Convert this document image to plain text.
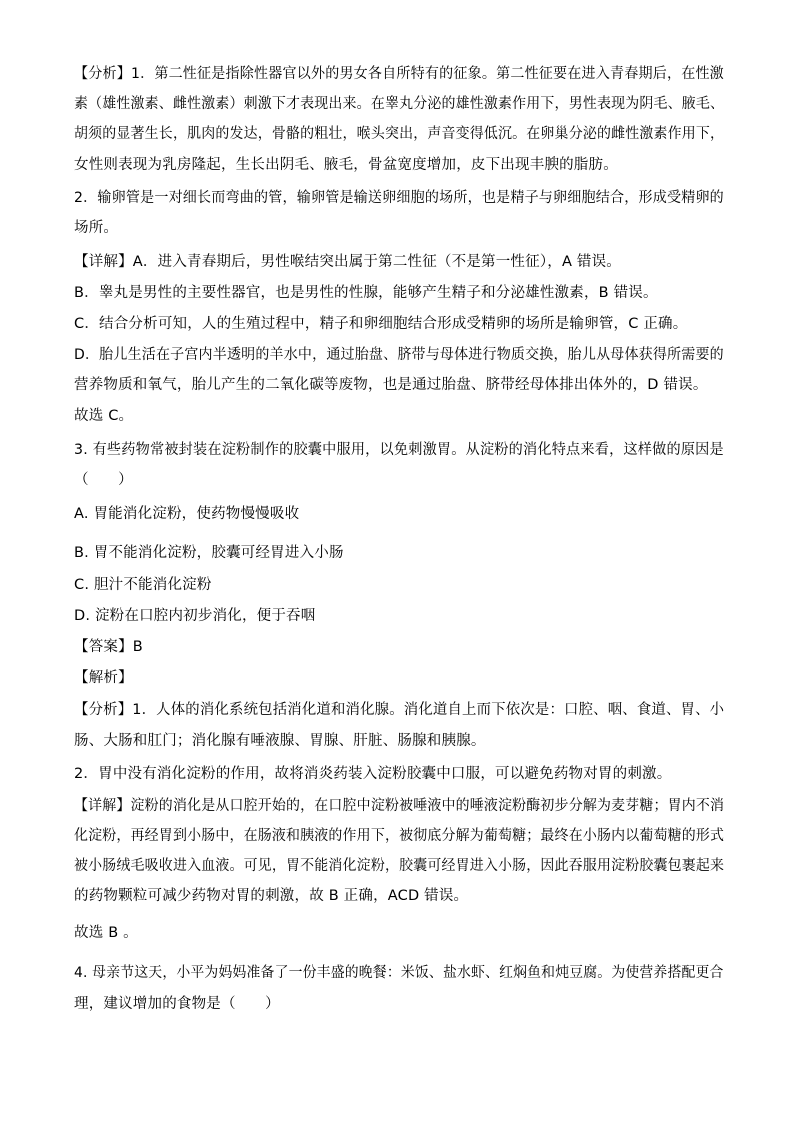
【分析】1．第二性征是指除性器官以外的男女各自所特有的征象。第二性征要在进入青春期后，在性激
素（雄性激素、雌性激素）刺激下才表现出来。在睾丸分泌的雄性激素作用下，男性表现为阴毛、腋毛、
胡须的显著生长，肌肉的发达，骨骼的粗壮，喉头突出，声音变得低沉。在卵巢分泌的雌性激素作用下，
女性则表现为乳房隆起，生长出阴毛、腋毛，骨盆宽度增加，皮下出现丰腴的脂肪。
2．输卵管是一对细长而弯曲的管，输卵管是输送卵细胞的场所，也是精子与卵细胞结合，形成受精卵的
场所。
【详解】A．进入青春期后，男性喉结突出属于第二性征（不是第一性征），A 错误。
B．睾丸是男性的主要性器官，也是男性的性腺，能够产生精子和分泌雄性激素，B 错误。
C．结合分析可知，人的生殖过程中，精子和卵细胞结合形成受精卵的场所是输卵管，C 正确。
D．胎儿生活在子宫内半透明的羊水中，通过胎盘、脐带与母体进行物质交换，胎儿从母体获得所需要的
营养物质和氧气，胎儿产生的二氧化碳等废物，也是通过胎盘、脐带经母体排出体外的，D 错误。
故选 C。
3. 有些药物常被封装在淀粉制作的胶囊中服用，以免刺激胃。从淀粉的消化特点来看，这样做的原因是
（　　）
A. 胃能消化淀粉，使药物慢慢吸收
B. 胃不能消化淀粉，胶囊可经胃进入小肠
C. 胆汁不能消化淀粉
D. 淀粉在口腔内初步消化，便于吞咽
【答案】B
【解析】
【分析】1．人体的消化系统包括消化道和消化腺。消化道自上而下依次是：口腔、咽、食道、胃、小
肠、大肠和肛门；消化腺有唾液腺、胃腺、肝脏、肠腺和胰腺。
2．胃中没有消化淀粉的作用，故将消炎药装入淀粉胶囊中口服，可以避免药物对胃的刺激。
【详解】淀粉的消化是从口腔开始的，在口腔中淀粉被唾液中的唾液淀粉酶初步分解为麦芽糖；胃内不消
化淀粉，再经胃到小肠中，在肠液和胰液的作用下，被彻底分解为葡萄糖；最终在小肠内以葡萄糖的形式
被小肠绒毛吸收进入血液。可见，胃不能消化淀粉，胶囊可经胃进入小肠，因此吞服用淀粉胶囊包裹起来
的药物颗粒可减少药物对胃的刺激，故 B 正确，ACD 错误。
故选 B 。
4. 母亲节这天，小平为妈妈准备了一份丰盛的晚餐：米饭、盐水虾、红焖鱼和炖豆腐。为使营养搭配更合
理，建议增加的食物是（　　）
